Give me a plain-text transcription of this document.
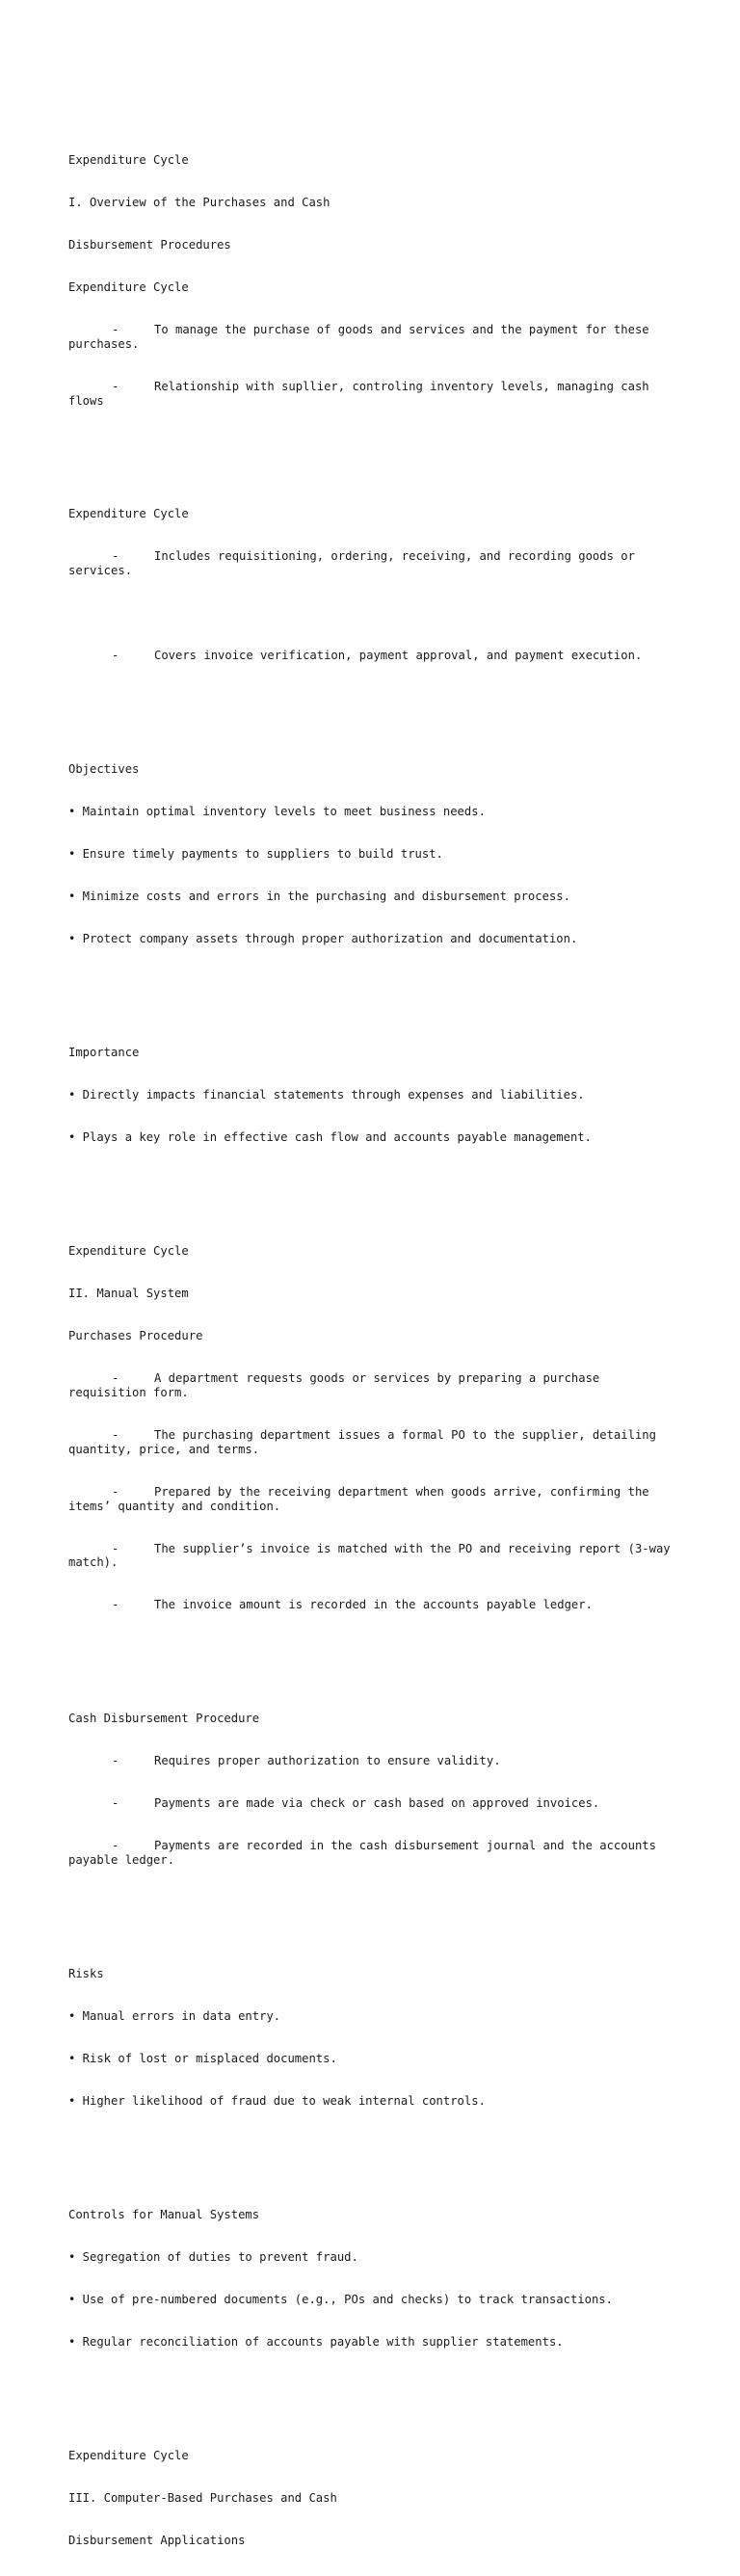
Expenditure Cycle

I. Overview of the Purchases and Cash

Disbursement Procedures

Expenditure Cycle

-	To manage the purchase of goods and services and the payment for these purchases.

-	Relationship with supllier, controling inventory levels, managing cash flows

Expenditure Cycle

-	Includes requisitioning, ordering, receiving, and recording goods or services.

-	Covers invoice verification, payment approval, and payment execution.

Objectives

• Maintain optimal inventory levels to meet business needs.

• Ensure timely payments to suppliers to build trust.

• Minimize costs and errors in the purchasing and disbursement process.

• Protect company assets through proper authorization and documentation.

Importance

• Directly impacts financial statements through expenses and liabilities.

• Plays a key role in effective cash flow and accounts payable management.

Expenditure Cycle

II. Manual System

Purchases Procedure

-	A department requests goods or services by preparing a purchase requisition form.

-	The purchasing department issues a formal PO to the supplier, detailing quantity, price, and terms.

-	Prepared by the receiving department when goods arrive, confirming the items’ quantity and condition.

-	The supplier’s invoice is matched with the PO and receiving report (3-way match).

-	The invoice amount is recorded in the accounts payable ledger.

Cash Disbursement Procedure

-	Requires proper authorization to ensure validity.

-	Payments are made via check or cash based on approved invoices.

-	Payments are recorded in the cash disbursement journal and the accounts payable ledger.

Risks

• Manual errors in data entry.

• Risk of lost or misplaced documents.

• Higher likelihood of fraud due to weak internal controls.

Controls for Manual Systems

• Segregation of duties to prevent fraud.

• Use of pre-numbered documents (e.g., POs and checks) to track transactions.

• Regular reconciliation of accounts payable with supplier statements.

Expenditure Cycle

III. Computer-Based Purchases and Cash

Disbursement Applications
